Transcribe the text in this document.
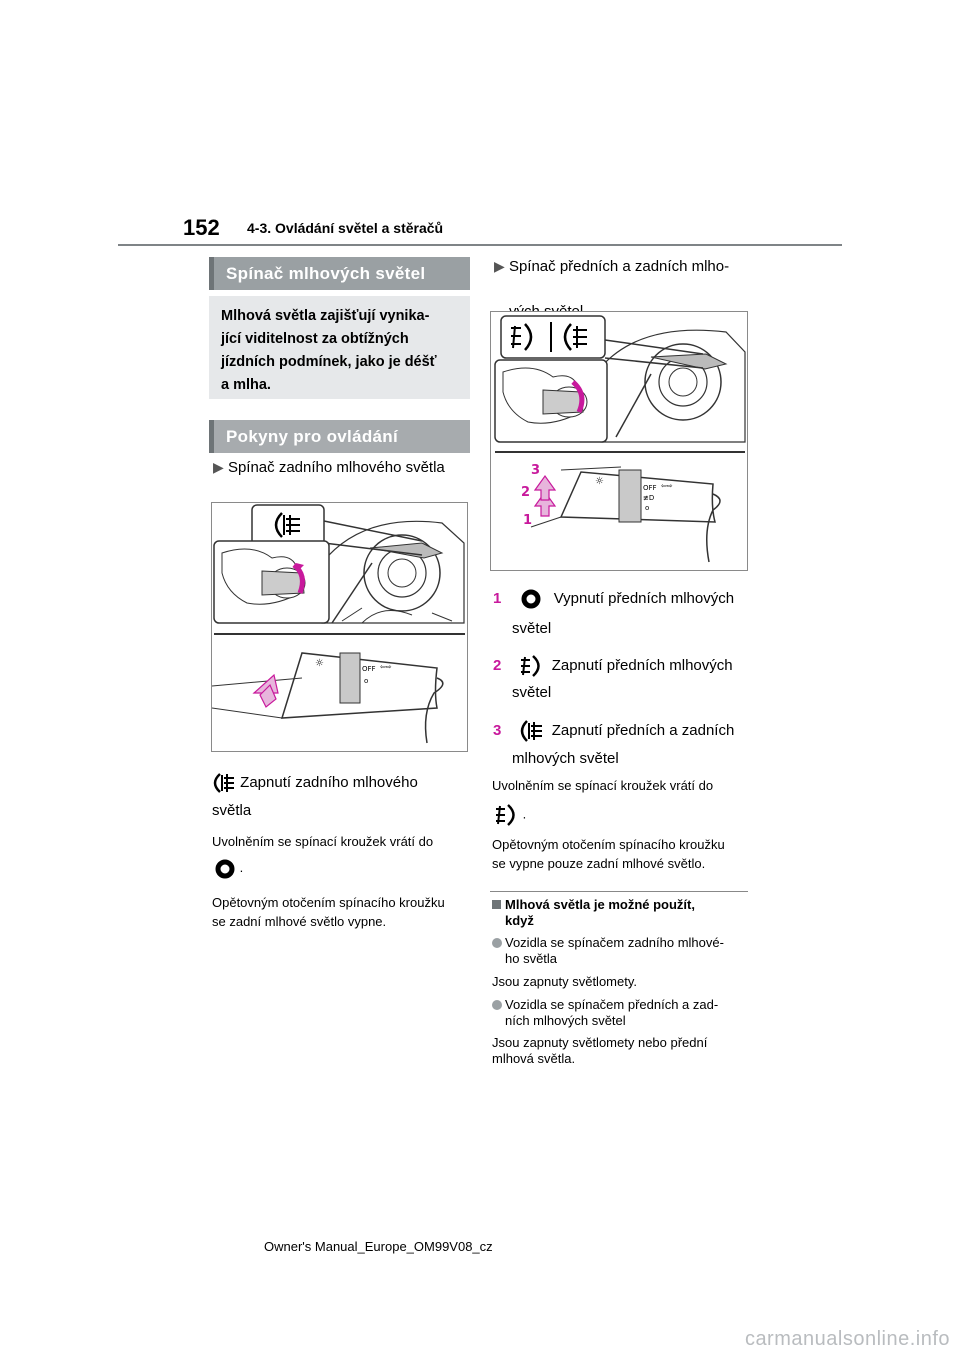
152 4-3. Ovládání světel a stěračů
Spínač mlhových světel
Mlhová světla zajišťují vynika-
jící viditelnost za obtížných
jízdních podmínek, jako je déšť
a mlha.
Pokyny pro ovládání
▶ Spínač zadního mlhového světla
☼	OFF ⇦⇨
o
Zapnutí zadního mlhového
světla
Uvolněním se spínací kroužek vrátí do
.
Opětovným otočením spínacího kroužku
se zadní mlhové světlo vypne.
▶ Spínač předních a zadních mlho-
☼
OFF ⇦⇨
≢D
o
3
2
1
1	Vypnutí předních mlhových
světel
2	Zapnutí předních mlhových
světel
3	Zapnutí předních a zadních
mlhových světel
Uvolněním se spínací kroužek vrátí do
.
Opětovným otočením spínacího kroužku
se vypne pouze zadní mlhové světlo.
Mlhová světla je možné použít,
když
Vozidla se spínačem zadního mlhové-
ho světla
Jsou zapnuty světlomety.
Vozidla se spínačem předních a zad-
ních mlhových světel
Jsou zapnuty světlomety nebo přední
mlhová světla.
Owner's Manual_Europe_OM99V08_cz
carmanualsonline.info
